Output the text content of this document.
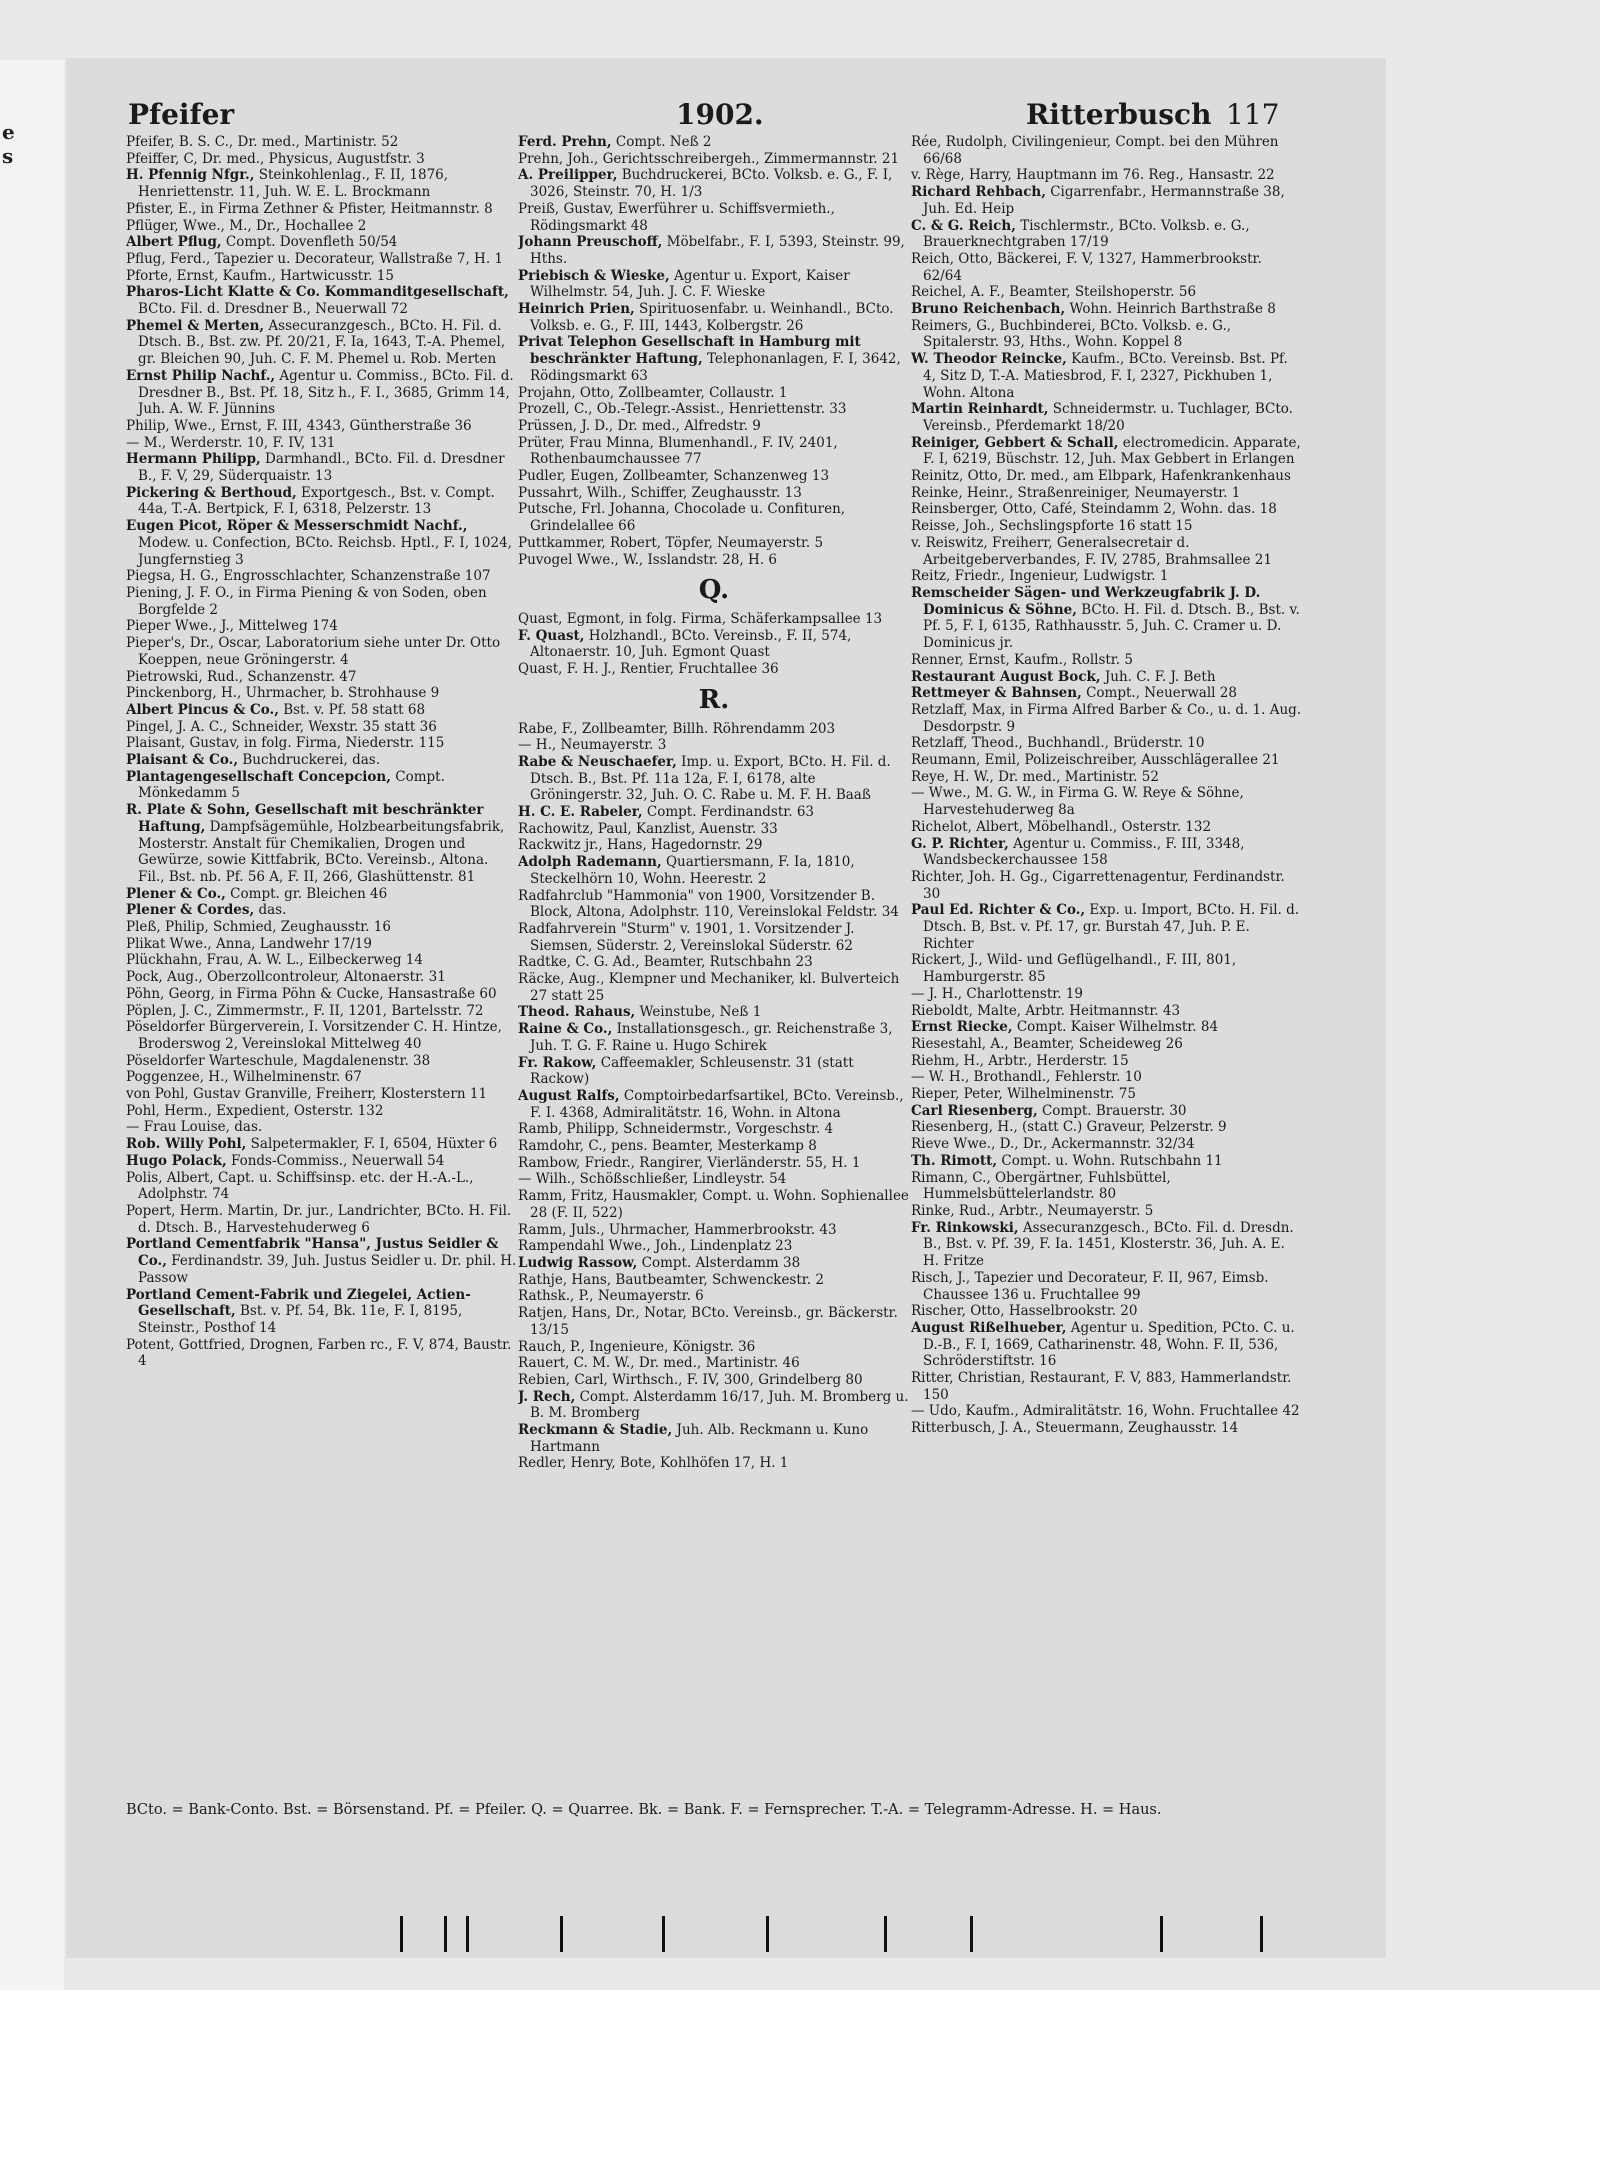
e
s
Pfeifer	1902.	Ritterbusch 117

Pfeifer, B. S. C., Dr. med., Martinistr. 52

Pfeiffer, C, Dr. med., Physicus, Augustfstr. 3

H. Pfennig Nfgr., Steinkohlenlag., F. II, 1876, Henriettenstr. 11, Juh. W. E. L. Brockmann

Pfister, E., in Firma Zethner & Pfister, Heitmannstr. 8

Pflüger, Wwe., M., Dr., Hochallee 2

Albert Pflug, Compt. Dovenfleth 50/54

Pflug, Ferd., Tapezier u. Decorateur, Wallstraße 7, H. 1

Pforte, Ernst, Kaufm., Hartwicusstr. 15

Pharos-Licht Klatte & Co. Kommanditgesellschaft, BCto. Fil. d. Dresdner B., Neuerwall 72

Phemel & Merten, Assecuranzgesch., BCto. H. Fil. d. Dtsch. B., Bst. zw. Pf. 20/21, F. Ia, 1643, T.-A. Phemel, gr. Bleichen 90, Juh. C. F. M. Phemel u. Rob. Merten

Ernst Philip Nachf., Agentur u. Commiss., BCto. Fil. d. Dresdner B., Bst. Pf. 18, Sitz h., F. I., 3685, Grimm 14, Juh. A. W. F. Jünnins

Philip, Wwe., Ernst, F. III, 4343, Güntherstraße 36

— M., Werderstr. 10, F. IV, 131

Hermann Philipp, Darmhandl., BCto. Fil. d. Dresdner B., F. V, 29, Süderquaistr. 13

Pickering & Berthoud, Exportgesch., Bst. v. Compt. 44a, T.-A. Bertpick, F. I, 6318, Pelzerstr. 13

Eugen Picot, Röper & Messerschmidt Nachf., Modew. u. Confection, BCto. Reichsb. Hptl., F. I, 1024, Jungfernstieg 3

Piegsa, H. G., Engrosschlachter, Schanzenstraße 107

Piening, J. F. O., in Firma Piening & von Soden, oben Borgfelde 2

Pieper Wwe., J., Mittelweg 174

Pieper's, Dr., Oscar, Laboratorium siehe unter Dr. Otto Koeppen, neue Gröningerstr. 4

Pietrowski, Rud., Schanzenstr. 47

Pinckenborg, H., Uhrmacher, b. Strohhause 9

Albert Pincus & Co., Bst. v. Pf. 58 statt 68

Pingel, J. A. C., Schneider, Wexstr. 35 statt 36

Plaisant, Gustav, in folg. Firma, Niederstr. 115

Plaisant & Co., Buchdruckerei, das.

Plantagengesellschaft Concepcion, Compt. Mönkedamm 5

R. Plate & Sohn, Gesellschaft mit beschränkter Haftung, Dampfsägemühle, Holzbearbeitungsfabrik, Mosterstr. Anstalt für Chemikalien, Drogen und Gewürze, sowie Kittfabrik, BCto. Vereinsb., Altona. Fil., Bst. nb. Pf. 56 A, F. II, 266, Glashüttenstr. 81

Plener & Co., Compt. gr. Bleichen 46

Plener & Cordes, das.

Pleß, Philip, Schmied, Zeughausstr. 16

Plikat Wwe., Anna, Landwehr 17/19

Plückhahn, Frau, A. W. L., Eilbeckerweg 14

Pock, Aug., Oberzollcontroleur, Altonaerstr. 31

Pöhn, Georg, in Firma Pöhn & Cucke, Hansastraße 60

Pöplen, J. C., Zimmermstr., F. II, 1201, Bartelsstr. 72

Pöseldorfer Bürgerverein, I. Vorsitzender C. H. Hintze, Broderswog 2, Vereinslokal Mittelweg 40

Pöseldorfer Warteschule, Magdalenenstr. 38

Poggenzee, H., Wilhelminenstr. 67

von Pohl, Gustav Granville, Freiherr, Klosterstern 11

Pohl, Herm., Expedient, Osterstr. 132

— Frau Louise, das.

Rob. Willy Pohl, Salpetermakler, F. I, 6504, Hüxter 6

Hugo Polack, Fonds-Commiss., Neuerwall 54

Polis, Albert, Capt. u. Schiffsinsp. etc. der H.-A.-L., Adolphstr. 74

Popert, Herm. Martin, Dr. jur., Landrichter, BCto. H. Fil. d. Dtsch. B., Harvestehuderweg 6

Portland Cementfabrik "Hansa", Justus Seidler & Co., Ferdinandstr. 39, Juh. Justus Seidler u. Dr. phil. H. Passow

Portland Cement-Fabrik und Ziegelei, Actien-Gesellschaft, Bst. v. Pf. 54, Bk. 11e, F. I, 8195, Steinstr., Posthof 14

Potent, Gottfried, Drognen, Farben rc., F. V, 874, Baustr. 4

Ferd. Prehn, Compt. Neß 2

Prehn, Joh., Gerichtsschreibergeh., Zimmermannstr. 21

A. Preilipper, Buchdruckerei, BCto. Volksb. e. G., F. I, 3026, Steinstr. 70, H. 1/3

Preiß, Gustav, Ewerführer u. Schiffsvermieth., Rödingsmarkt 48

Johann Preuschoff, Möbelfabr., F. I, 5393, Steinstr. 99, Hths.

Priebisch & Wieske, Agentur u. Export, Kaiser Wilhelmstr. 54, Juh. J. C. F. Wieske

Heinrich Prien, Spirituosenfabr. u. Weinhandl., BCto. Volksb. e. G., F. III, 1443, Kolbergstr. 26

Privat Telephon Gesellschaft in Hamburg mit beschränkter Haftung, Telephonanlagen, F. I, 3642, Rödingsmarkt 63

Projahn, Otto, Zollbeamter, Collaustr. 1

Prozell, C., Ob.-Telegr.-Assist., Henriettenstr. 33

Prüssen, J. D., Dr. med., Alfredstr. 9

Prüter, Frau Minna, Blumenhandl., F. IV, 2401, Rothenbaumchaussee 77

Pudler, Eugen, Zollbeamter, Schanzenweg 13

Pussahrt, Wilh., Schiffer, Zeughausstr. 13

Putsche, Frl. Johanna, Chocolade u. Confituren, Grindelallee 66

Puttkammer, Robert, Töpfer, Neumayerstr. 5

Puvogel Wwe., W., Isslandstr. 28, H. 6

Q.

Quast, Egmont, in folg. Firma, Schäferkampsallee 13

F. Quast, Holzhandl., BCto. Vereinsb., F. II, 574, Altonaerstr. 10, Juh. Egmont Quast

Quast, F. H. J., Rentier, Fruchtallee 36

R.

Rabe, F., Zollbeamter, Billh. Röhrendamm 203

— H., Neumayerstr. 3

Rabe & Neuschaefer, Imp. u. Export, BCto. H. Fil. d. Dtsch. B., Bst. Pf. 11a 12a, F. I, 6178, alte Gröningerstr. 32, Juh. O. C. Rabe u. M. F. H. Baaß

H. C. E. Rabeler, Compt. Ferdinandstr. 63

Rachowitz, Paul, Kanzlist, Auenstr. 33

Rackwitz jr., Hans, Hagedornstr. 29

Adolph Rademann, Quartiersmann, F. Ia, 1810, Steckelhörn 10, Wohn. Heerestr. 2

Radfahrclub "Hammonia" von 1900, Vorsitzender B. Block, Altona, Adolphstr. 110, Vereinslokal Feldstr. 34

Radfahrverein "Sturm" v. 1901, 1. Vorsitzender J. Siemsen, Süderstr. 2, Vereinslokal Süderstr. 62

Radtke, C. G. Ad., Beamter, Rutschbahn 23

Räcke, Aug., Klempner und Mechaniker, kl. Bulverteich 27 statt 25

Theod. Rahaus, Weinstube, Neß 1

Raine & Co., Installationsgesch., gr. Reichenstraße 3, Juh. T. G. F. Raine u. Hugo Schirek

Fr. Rakow, Caffeemakler, Schleusenstr. 31 (statt Rackow)

August Ralfs, Comptoirbedarfsartikel, BCto. Vereinsb., F. I. 4368, Admiralitätstr. 16, Wohn. in Altona

Ramb, Philipp, Schneidermstr., Vorgeschstr. 4

Ramdohr, C., pens. Beamter, Mesterkamp 8

Rambow, Friedr., Rangirer, Vierländerstr. 55, H. 1

— Wilh., Schößschließer, Lindleystr. 54

Ramm, Fritz, Hausmakler, Compt. u. Wohn. Sophienallee 28 (F. II, 522)

Ramm, Juls., Uhrmacher, Hammerbrookstr. 43

Rampendahl Wwe., Joh., Lindenplatz 23

Ludwig Rassow, Compt. Alsterdamm 38

Rathje, Hans, Bautbeamter, Schwenckestr. 2

Rathsk., P., Neumayerstr. 6

Ratjen, Hans, Dr., Notar, BCto. Vereinsb., gr. Bäckerstr. 13/15

Rauch, P., Ingenieure, Königstr. 36

Rauert, C. M. W., Dr. med., Martinistr. 46

Rebien, Carl, Wirthsch., F. IV, 300, Grindelberg 80

J. Rech, Compt. Alsterdamm 16/17, Juh. M. Bromberg u. B. M. Bromberg

Reckmann & Stadie, Juh. Alb. Reckmann u. Kuno Hartmann

Redler, Henry, Bote, Kohlhöfen 17, H. 1

Rée, Rudolph, Civilingenieur, Compt. bei den Mühren 66/68

v. Rège, Harry, Hauptmann im 76. Reg., Hansastr. 22

Richard Rehbach, Cigarrenfabr., Hermannstraße 38, Juh. Ed. Heip

C. & G. Reich, Tischlermstr., BCto. Volksb. e. G., Brauerknechtgraben 17/19

Reich, Otto, Bäckerei, F. V, 1327, Hammerbrookstr. 62/64

Reichel, A. F., Beamter, Steilshoperstr. 56

Bruno Reichenbach, Wohn. Heinrich Barthstraße 8

Reimers, G., Buchbinderei, BCto. Volksb. e. G., Spitalerstr. 93, Hths., Wohn. Koppel 8

W. Theodor Reincke, Kaufm., BCto. Vereinsb. Bst. Pf. 4, Sitz D, T.-A. Matiesbrod, F. I, 2327, Pickhuben 1, Wohn. Altona

Martin Reinhardt, Schneidermstr. u. Tuchlager, BCto. Vereinsb., Pferdemarkt 18/20

Reiniger, Gebbert & Schall, electromedicin. Apparate, F. I, 6219, Büschstr. 12, Juh. Max Gebbert in Erlangen

Reinitz, Otto, Dr. med., am Elbpark, Hafenkrankenhaus

Reinke, Heinr., Straßenreiniger, Neumayerstr. 1

Reinsberger, Otto, Café, Steindamm 2, Wohn. das. 18

Reisse, Joh., Sechslingspforte 16 statt 15

v. Reiswitz, Freiherr, Generalsecretair d. Arbeitgeberverbandes, F. IV, 2785, Brahmsallee 21

Reitz, Friedr., Ingenieur, Ludwigstr. 1

Remscheider Sägen- und Werkzeugfabrik J. D. Dominicus & Söhne, BCto. H. Fil. d. Dtsch. B., Bst. v. Pf. 5, F. I, 6135, Rathhausstr. 5, Juh. C. Cramer u. D. Dominicus jr.

Renner, Ernst, Kaufm., Rollstr. 5

Restaurant August Bock, Juh. C. F. J. Beth

Rettmeyer & Bahnsen, Compt., Neuerwall 28

Retzlaff, Max, in Firma Alfred Barber & Co., u. d. 1. Aug. Desdorpstr. 9

Retzlaff, Theod., Buchhandl., Brüderstr. 10

Reumann, Emil, Polizeischreiber, Ausschlägerallee 21

Reye, H. W., Dr. med., Martinistr. 52

— Wwe., M. G. W., in Firma G. W. Reye & Söhne, Harvestehuderweg 8a

Richelot, Albert, Möbelhandl., Osterstr. 132

G. P. Richter, Agentur u. Commiss., F. III, 3348, Wandsbeckerchaussee 158

Richter, Joh. H. Gg., Cigarrettenagentur, Ferdinandstr. 30

Paul Ed. Richter & Co., Exp. u. Import, BCto. H. Fil. d. Dtsch. B, Bst. v. Pf. 17, gr. Burstah 47, Juh. P. E. Richter

Rickert, J., Wild- und Geflügelhandl., F. III, 801, Hamburgerstr. 85

— J. H., Charlottenstr. 19

Rieboldt, Malte, Arbtr. Heitmannstr. 43

Ernst Riecke, Compt. Kaiser Wilhelmstr. 84

Riesestahl, A., Beamter, Scheideweg 26

Riehm, H., Arbtr., Herderstr. 15

— W. H., Brothandl., Fehlerstr. 10

Rieper, Peter, Wilhelminenstr. 75

Carl Riesenberg, Compt. Brauerstr. 30

Riesenberg, H., (statt C.) Graveur, Pelzerstr. 9

Rieve Wwe., D., Dr., Ackermannstr. 32/34

Th. Rimott, Compt. u. Wohn. Rutschbahn 11

Rimann, C., Obergärtner, Fuhlsbüttel, Hummelsbüttelerlandstr. 80

Rinke, Rud., Arbtr., Neumayerstr. 5

Fr. Rinkowski, Assecuranzgesch., BCto. Fil. d. Dresdn. B., Bst. v. Pf. 39, F. Ia. 1451, Klosterstr. 36, Juh. A. E. H. Fritze

Risch, J., Tapezier und Decorateur, F. II, 967, Eimsb. Chaussee 136 u. Fruchtallee 99

Rischer, Otto, Hasselbrookstr. 20

August Rißelhueber, Agentur u. Spedition, PCto. C. u. D.-B., F. I, 1669, Catharinenstr. 48, Wohn. F. II, 536, Schröderstiftstr. 16

Ritter, Christian, Restaurant, F. V, 883, Hammerlandstr. 150

— Udo, Kaufm., Admiralitätstr. 16, Wohn. Fruchtallee 42

Ritterbusch, J. A., Steuermann, Zeughausstr. 14

BCto. = Bank-Conto. Bst. = Börsenstand. Pf. = Pfeiler. Q. = Quarree. Bk. = Bank. F. = Fernsprecher. T.-A. = Telegramm-Adresse. H. = Haus.
